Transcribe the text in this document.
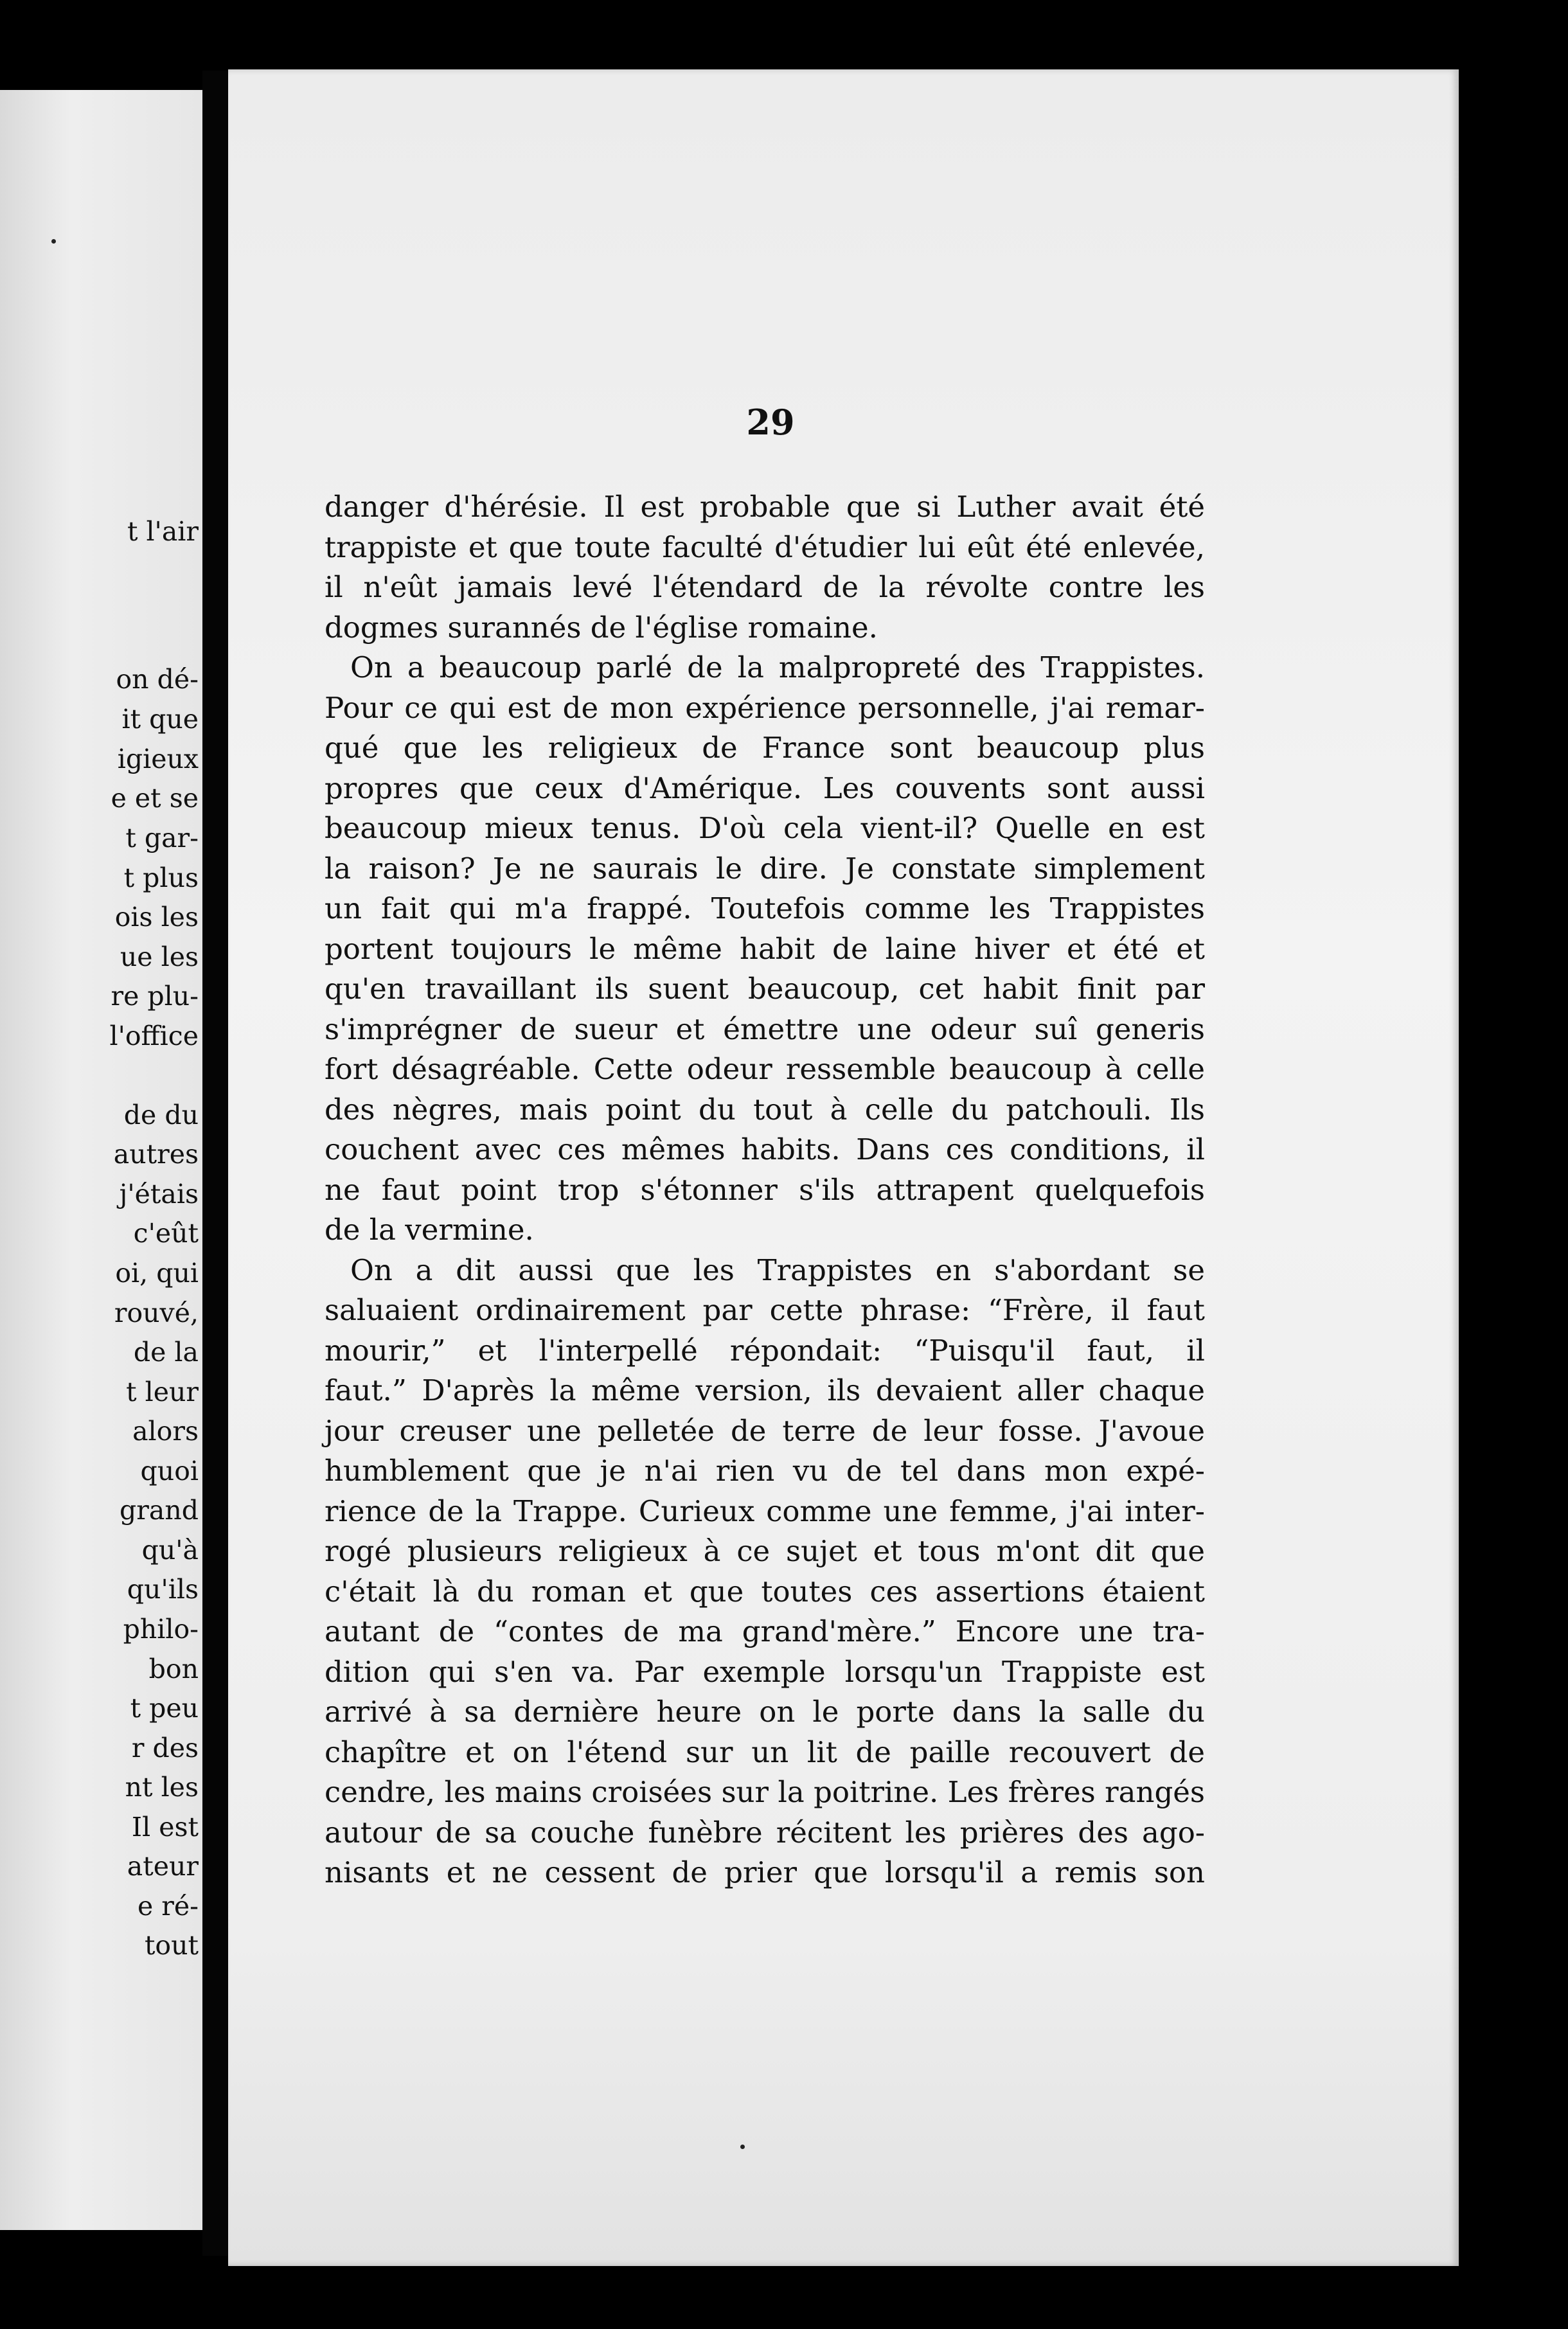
t l'air

on dé-

it que

igieux

e et se

t gar-

t plus

ois les

ue les

re plu-

l'office

de du

autres

j'étais

c'eût

oi, qui

rouvé,

de la

t leur

alors

quoi

grand

qu'à

qu'ils

philo-

bon

t peu

r des

nt les

Il est

ateur

e ré-

tout

29

danger d'hérésie. Il est probable que si Luther avait été
trappiste et que toute faculté d'étudier lui eût été enlevée,
il n'eût jamais levé l'étendard de la révolte contre les
dogmes surannés de l'église romaine.
On a beaucoup parlé de la malpropreté des Trappistes.
Pour ce qui est de mon expérience personnelle, j'ai remar-
qué que les religieux de France sont beaucoup plus
propres que ceux d'Amérique. Les couvents sont aussi
beaucoup mieux tenus. D'où cela vient-il? Quelle en est
la raison? Je ne saurais le dire. Je constate simplement
un fait qui m'a frappé. Toutefois comme les Trappistes
portent toujours le même habit de laine hiver et été et
qu'en travaillant ils suent beaucoup, cet habit finit par
s'imprégner de sueur et émettre une odeur suî generis
fort désagréable. Cette odeur ressemble beaucoup à celle
des nègres, mais point du tout à celle du patchouli. Ils
couchent avec ces mêmes habits. Dans ces conditions, il
ne faut point trop s'étonner s'ils attrapent quelquefois
de la vermine.
On a dit aussi que les Trappistes en s'abordant se
saluaient ordinairement par cette phrase: “Frère, il faut
mourir,” et l'interpellé répondait: “Puisqu'il faut, il
faut.” D'après la même version, ils devaient aller chaque
jour creuser une pelletée de terre de leur fosse. J'avoue
humblement que je n'ai rien vu de tel dans mon expé-
rience de la Trappe. Curieux comme une femme, j'ai inter-
rogé plusieurs religieux à ce sujet et tous m'ont dit que
c'était là du roman et que toutes ces assertions étaient
autant de “contes de ma grand'mère.” Encore une tra-
dition qui s'en va. Par exemple lorsqu'un Trappiste est
arrivé à sa dernière heure on le porte dans la salle du
chapître et on l'étend sur un lit de paille recouvert de
cendre, les mains croisées sur la poitrine. Les frères rangés
autour de sa couche funèbre récitent les prières des ago-
nisants et ne cessent de prier que lorsqu'il a remis son
